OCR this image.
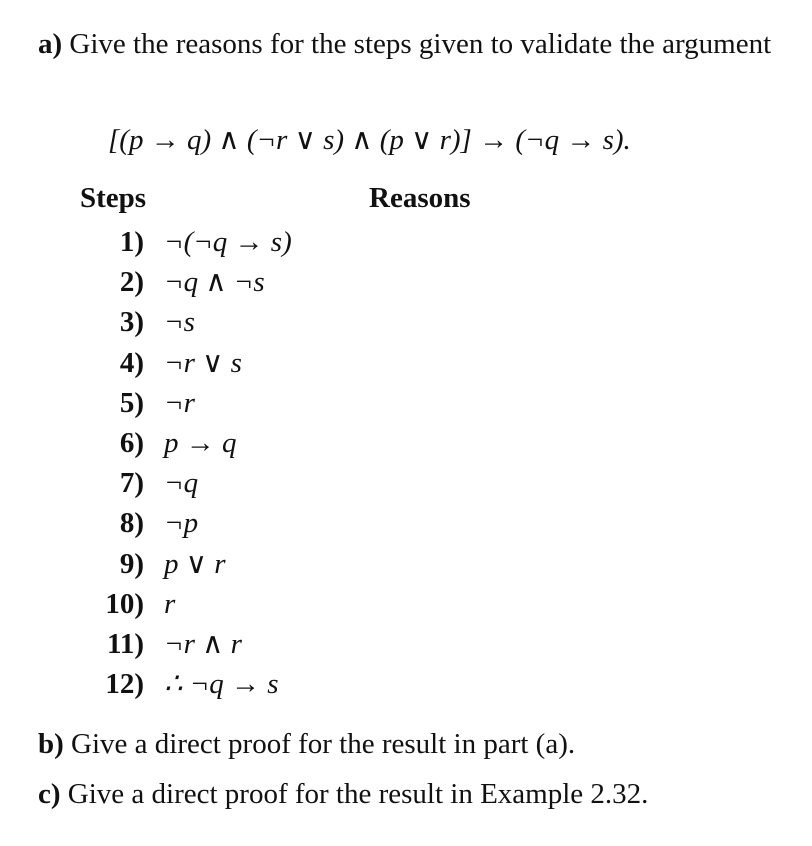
a) Give the reasons for the steps given to validate the argument
[(p → q) ∧ (¬r ∨ s) ∧ (p ∨ r)] → (¬q → s).
Steps	Reasons
1) ¬(¬q → s)
2) ¬q ∧ ¬s
3) ¬s
4) ¬r ∨ s
5) ¬r
6) p → q
7) ¬q
8) ¬p
9) p ∨ r
10) r
11) ¬r ∧ r
12) ∴ ¬q → s
b) Give a direct proof for the result in part (a).
c) Give a direct proof for the result in Example 2.32.
